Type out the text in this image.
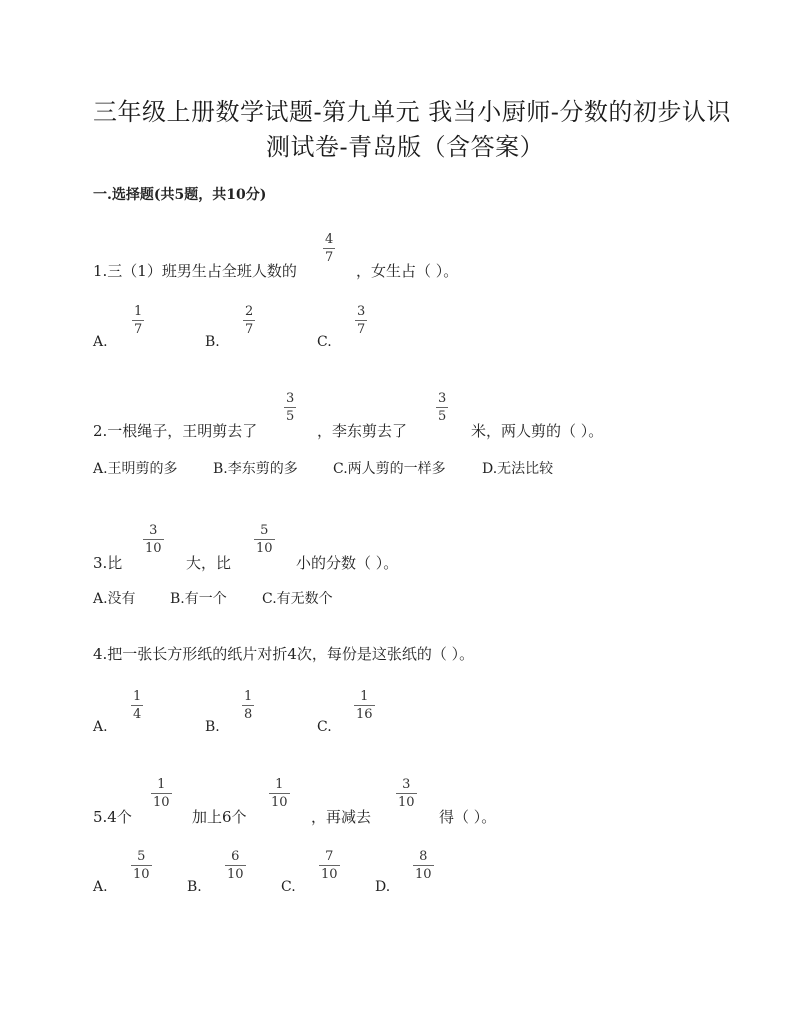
三年级上册数学试题-第九单元 我当小厨师-分数的初步认识
测试卷-青岛版（含答案）
一.选择题(共5题，共10分)
1.三（1）班男生占全班人数的
4
7
，女生占（ ）。
A.
1
7
B.
2
7
C.
3
7
2.一根绳子，王明剪去了
3
5
，李东剪去了
3
5
米，两人剪的（ ）。
A.王明剪的多	B.李东剪的多	C.两人剪的一样多	D.无法比较
3.比
3
10
大，比
5
10
小的分数（ ）。
A.没有 B.有一个	C.有无数个
4.把一张长方形纸的纸片对折4次，每份是这张纸的（ ）。
A.
1
4
B.
1
8
C.
1
16
5.4个
1
10
加上6个
1
10
，再减去
3
10
得（ ）。
A.
5
10
B.
6
10
C.
7
10
D.
8
10
